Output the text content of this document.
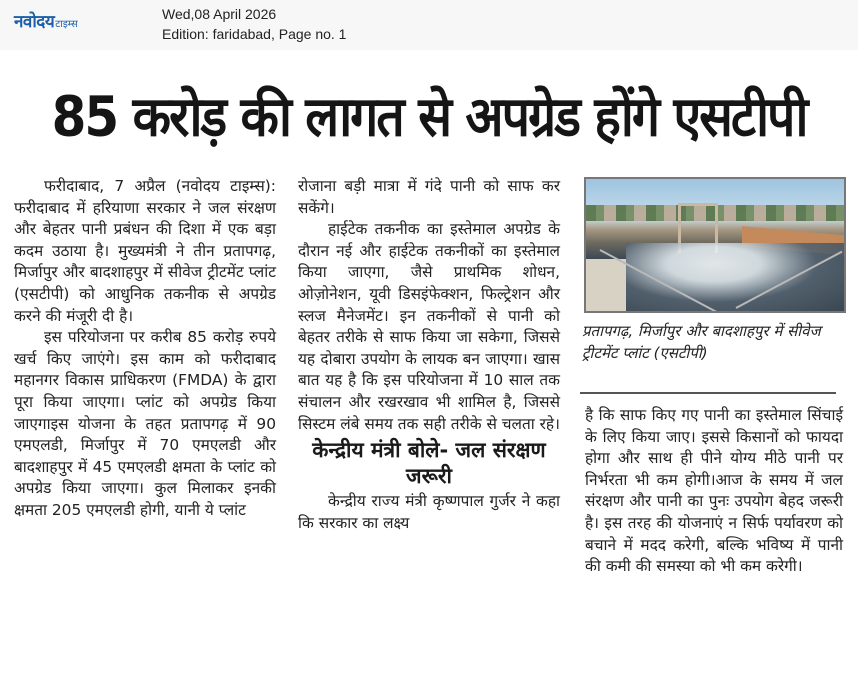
नवोदय टाइम्स
Wed,08 April 2026
Edition: faridabad, Page no. 1
85 करोड़ की लागत से अपग्रेड होंगे एसटीपी

फरीदाबाद, 7 अप्रैल (नवोदय टाइम्स): फरीदाबाद में हरियाणा सरकार ने जल संरक्षण और बेहतर पानी प्रबंधन की दिशा में एक बड़ा कदम उठाया है। मुख्यमंत्री ने तीन प्रतापगढ़, मिर्जापुर और बादशाहपुर में सीवेज ट्रीटमेंट प्लांट (एसटीपी) को आधुनिक तकनीक से अपग्रेड करने की मंजूरी दी है।

इस परियोजना पर करीब 85 करोड़ रुपये खर्च किए जाएंगे। इस काम को फरीदाबाद महानगर विकास प्राधिकरण (FMDA) के द्वारा पूरा किया जाएगा। प्लांट को अपग्रेड किया जाएगाइस योजना के तहत प्रतापगढ़ में 90 एमएलडी, मिर्जापुर में 70 एमएलडी और बादशाहपुर में 45 एमएलडी क्षमता के प्लांट को अपग्रेड किया जाएगा। कुल मिलाकर इनकी क्षमता 205 एमएलडी होगी, यानी ये प्लांट

रोजाना बड़ी मात्रा में गंदे पानी को साफ कर सकेंगे।

हाईटेक तकनीक का इस्तेमाल अपग्रेड के दौरान नई और हाईटेक तकनीकों का इस्तेमाल किया जाएगा, जैसे प्राथमिक शोधन, ओज़ोनेशन, यूवी डिसइंफेक्शन, फिल्ट्रेशन और स्लज मैनेजमेंट। इन तकनीकों से पानी को बेहतर तरीके से साफ किया जा सकेगा, जिससे यह दोबारा उपयोग के लायक बन जाएगा। खास बात यह है कि इस परियोजना में 10 साल तक संचालन और रखरखाव भी शामिल है, जिससे सिस्टम लंबे समय तक सही तरीके से चलता रहे।

केन्द्रीय मंत्री बोले- जल संरक्षण जरूरी

केन्द्रीय राज्य मंत्री कृष्णपाल गुर्जर ने कहा कि सरकार का लक्ष्य

प्रतापगढ़, मिर्जापुर और बादशाहपुर में सीवेज ट्रीटमेंट प्लांट (एसटीपी)

है कि साफ किए गए पानी का इस्तेमाल सिंचाई के लिए किया जाए। इससे किसानों को फायदा होगा और साथ ही पीने योग्य मीठे पानी पर निर्भरता भी कम होगी।आज के समय में जल संरक्षण और पानी का पुनः उपयोग बेहद जरूरी है। इस तरह की योजनाएं न सिर्फ पर्यावरण को बचाने में मदद करेगी, बल्कि भविष्य में पानी की कमी की समस्या को भी कम करेगी।
